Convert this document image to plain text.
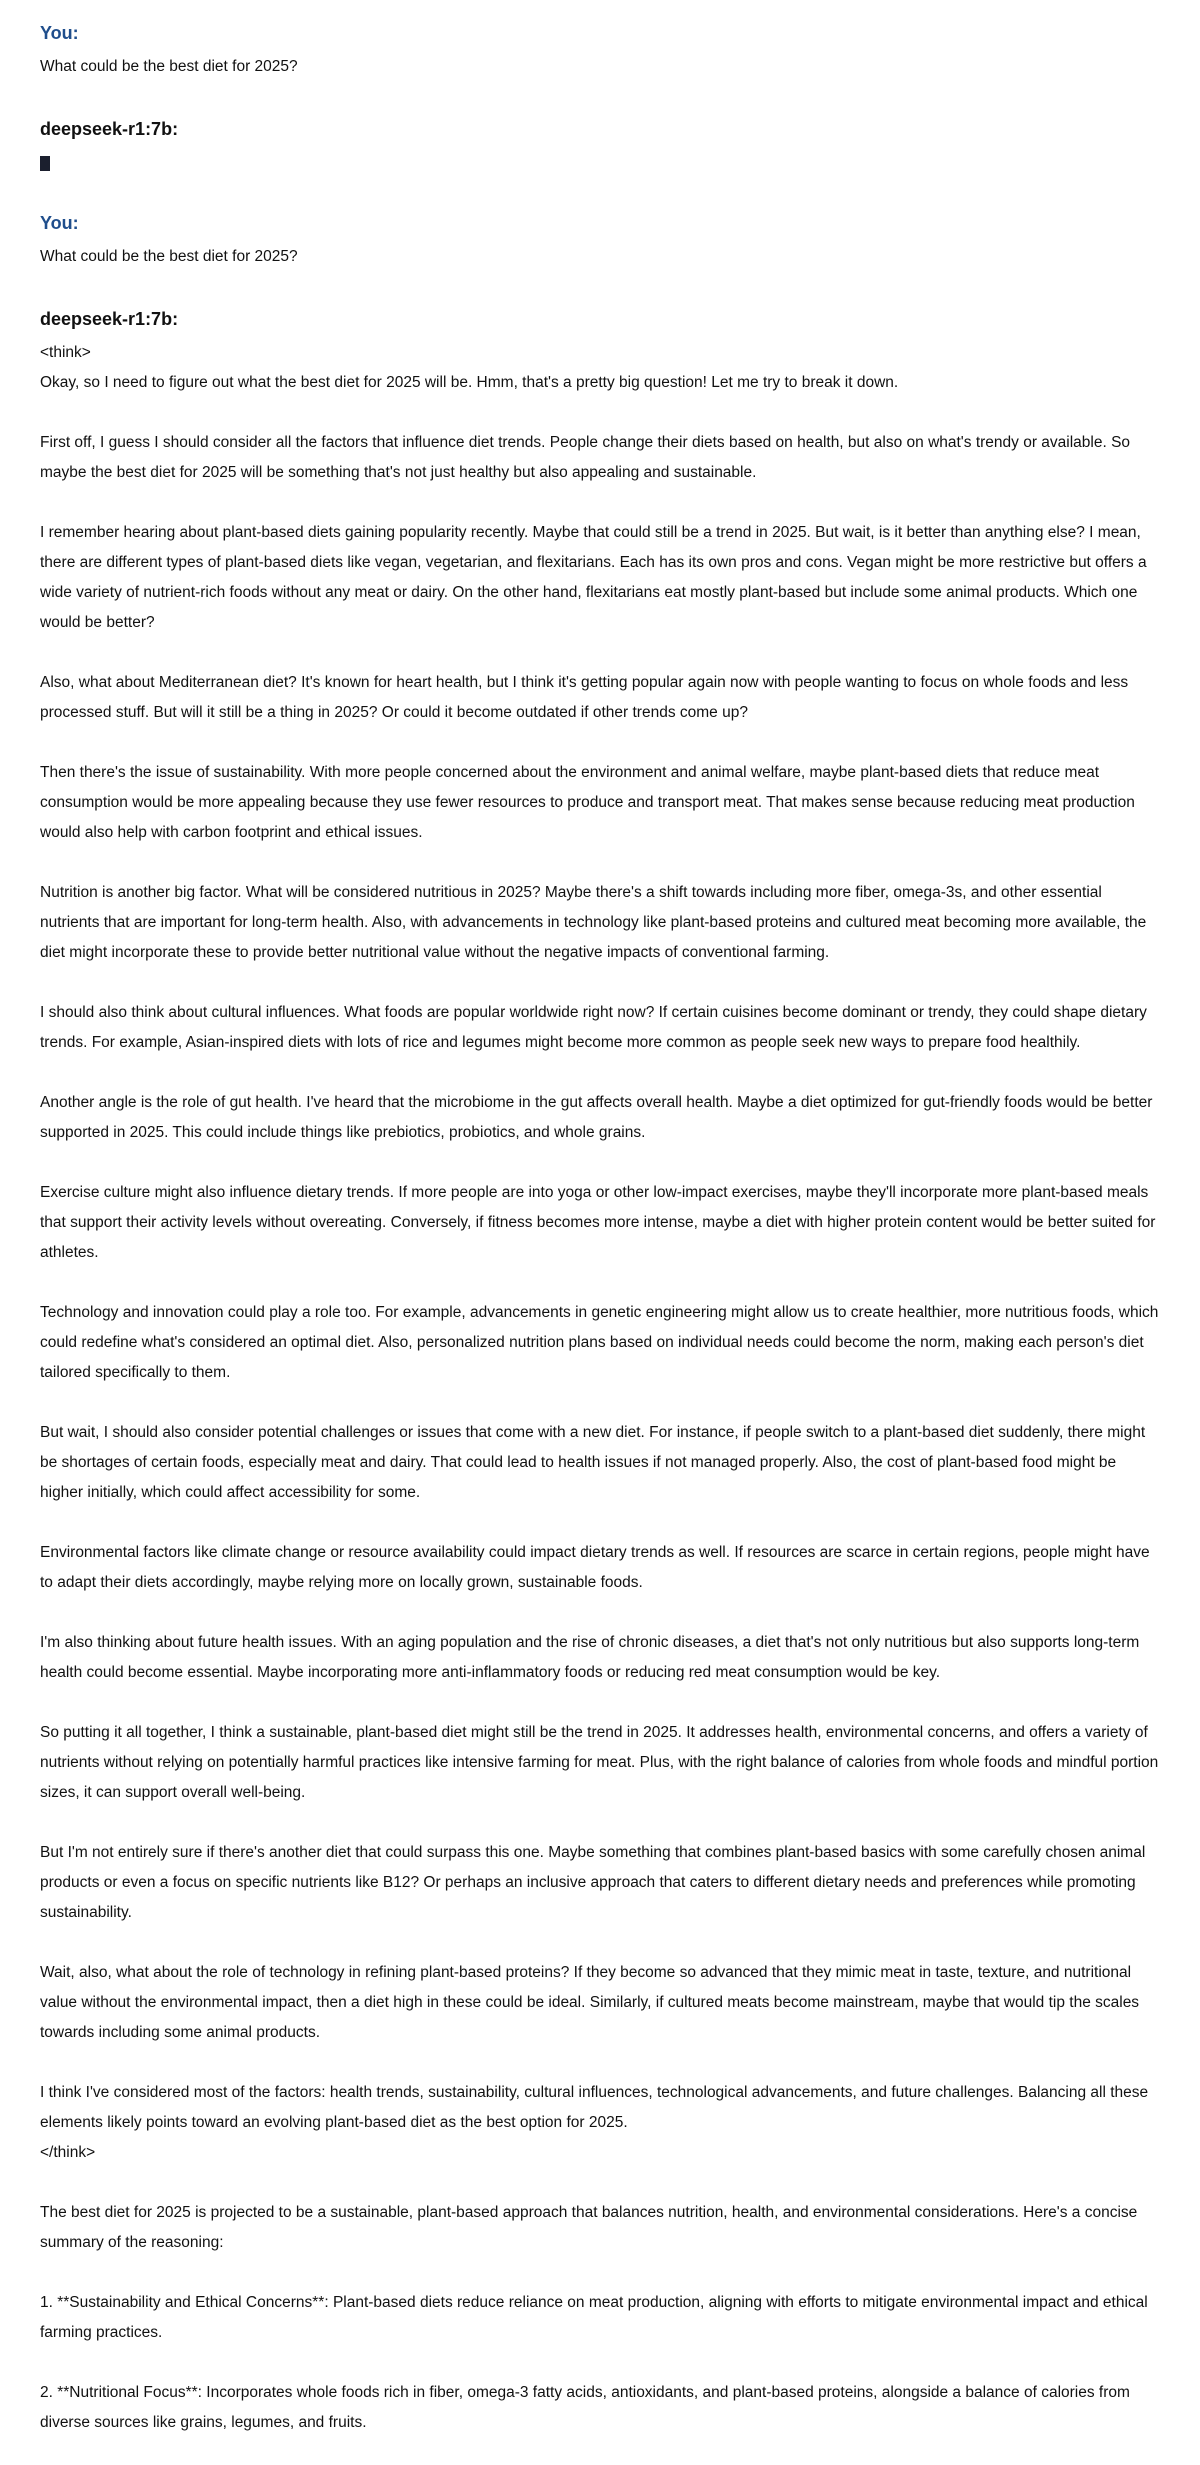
You:

What could be the best diet for 2025?

deepseek-r1:7b:
You:

What could be the best diet for 2025?

deepseek-r1:7b:

<think>
Okay, so I need to figure out what the best diet for 2025 will be. Hmm, that's a pretty big question! Let me try to break it down.

First off, I guess I should consider all the factors that influence diet trends. People change their diets based on health, but also on what's trendy or available. So maybe the best diet for 2025 will be something that's not just healthy but also appealing and sustainable.

I remember hearing about plant-based diets gaining popularity recently. Maybe that could still be a trend in 2025. But wait, is it better than anything else? I mean, there are different types of plant-based diets like vegan, vegetarian, and flexitarians. Each has its own pros and cons. Vegan might be more restrictive but offers a wide variety of nutrient-rich foods without any meat or dairy. On the other hand, flexitarians eat mostly plant-based but include some animal products. Which one would be better?

Also, what about Mediterranean diet? It's known for heart health, but I think it's getting popular again now with people wanting to focus on whole foods and less processed stuff. But will it still be a thing in 2025? Or could it become outdated if other trends come up?

Then there's the issue of sustainability. With more people concerned about the environment and animal welfare, maybe plant-based diets that reduce meat consumption would be more appealing because they use fewer resources to produce and transport meat. That makes sense because reducing meat production would also help with carbon footprint and ethical issues.

Nutrition is another big factor. What will be considered nutritious in 2025? Maybe there's a shift towards including more fiber, omega-3s, and other essential nutrients that are important for long-term health. Also, with advancements in technology like plant-based proteins and cultured meat becoming more available, the diet might incorporate these to provide better nutritional value without the negative impacts of conventional farming.

I should also think about cultural influences. What foods are popular worldwide right now? If certain cuisines become dominant or trendy, they could shape dietary trends. For example, Asian-inspired diets with lots of rice and legumes might become more common as people seek new ways to prepare food healthily.

Another angle is the role of gut health. I've heard that the microbiome in the gut affects overall health. Maybe a diet optimized for gut-friendly foods would be better supported in 2025. This could include things like prebiotics, probiotics, and whole grains.

Exercise culture might also influence dietary trends. If more people are into yoga or other low-impact exercises, maybe they'll incorporate more plant-based meals that support their activity levels without overeating. Conversely, if fitness becomes more intense, maybe a diet with higher protein content would be better suited for athletes.

Technology and innovation could play a role too. For example, advancements in genetic engineering might allow us to create healthier, more nutritious foods, which could redefine what's considered an optimal diet. Also, personalized nutrition plans based on individual needs could become the norm, making each person's diet tailored specifically to them.

But wait, I should also consider potential challenges or issues that come with a new diet. For instance, if people switch to a plant-based diet suddenly, there might be shortages of certain foods, especially meat and dairy. That could lead to health issues if not managed properly. Also, the cost of plant-based food might be higher initially, which could affect accessibility for some.

Environmental factors like climate change or resource availability could impact dietary trends as well. If resources are scarce in certain regions, people might have to adapt their diets accordingly, maybe relying more on locally grown, sustainable foods.

I'm also thinking about future health issues. With an aging population and the rise of chronic diseases, a diet that's not only nutritious but also supports long-term health could become essential. Maybe incorporating more anti-inflammatory foods or reducing red meat consumption would be key.

So putting it all together, I think a sustainable, plant-based diet might still be the trend in 2025. It addresses health, environmental concerns, and offers a variety of nutrients without relying on potentially harmful practices like intensive farming for meat. Plus, with the right balance of calories from whole foods and mindful portion sizes, it can support overall well-being.

But I'm not entirely sure if there's another diet that could surpass this one. Maybe something that combines plant-based basics with some carefully chosen animal products or even a focus on specific nutrients like B12? Or perhaps an inclusive approach that caters to different dietary needs and preferences while promoting sustainability.

Wait, also, what about the role of technology in refining plant-based proteins? If they become so advanced that they mimic meat in taste, texture, and nutritional value without the environmental impact, then a diet high in these could be ideal. Similarly, if cultured meats become mainstream, maybe that would tip the scales towards including some animal products.

I think I've considered most of the factors: health trends, sustainability, cultural influences, technological advancements, and future challenges. Balancing all these elements likely points toward an evolving plant-based diet as the best option for 2025.
</think>

The best diet for 2025 is projected to be a sustainable, plant-based approach that balances nutrition, health, and environmental considerations. Here's a concise summary of the reasoning:

1. **Sustainability and Ethical Concerns**: Plant-based diets reduce reliance on meat production, aligning with efforts to mitigate environmental impact and ethical farming practices.

2. **Nutritional Focus**: Incorporates whole foods rich in fiber, omega-3 fatty acids, antioxidants, and plant-based proteins, alongside a balance of calories from diverse sources like grains, legumes, and fruits.
